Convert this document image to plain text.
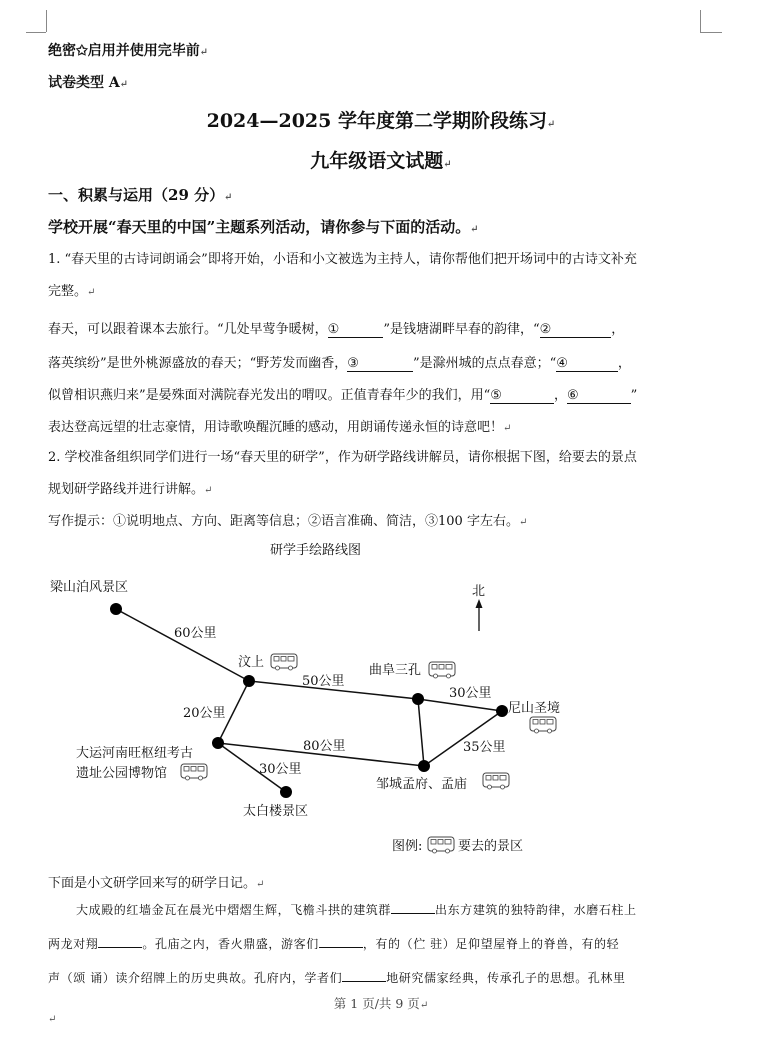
绝密✩启用并使用完毕前↵
试卷类型 A↵
2024—2025 学年度第二学期阶段练习↵
九年级语文试题↵
一、积累与运用（29 分）↵
学校开展“春天里的中国”主题系列活动，请你参与下面的活动。↵
1. “春天里的古诗词朗诵会”即将开始，小语和小文被选为主持人，请你帮他们把开场词中的古诗文补充
完整。↵
春天，可以跟着课本去旅行。“几处早莺争暖树，①	”是钱塘湖畔早春的韵律，“②	，
落英缤纷”是世外桃源盛放的春天；“野芳发而幽香，③	”是滁州城的点点春意；“④	，
似曾相识燕归来”是晏殊面对满院春光发出的喟叹。正值青春年少的我们，用“⑤	，⑥	”
表达登高远望的壮志豪情，用诗歌唤醒沉睡的感动，用朗诵传递永恒的诗意吧！↵
2. 学校准备组织同学们进行一场“春天里的研学”，作为研学路线讲解员，请你根据下图，给要去的景点
规划研学路线并进行讲解。↵
写作提示：①说明地点、方向、距离等信息；②语言准确、简洁，③100 字左右。↵
研学手绘路线图
北
梁山泊风景区
汶上
曲阜三孔
尼山圣境
大运河南旺枢纽考古
遗址公园博物馆
太白楼景区
邹城孟府、孟庙
60公里
50公里
30公里
20公里
80公里	35公里
30公里
图例:	要去的景区
下面是小文研学回来写的研学日记。↵
大成殿的红墙金瓦在晨光中熠熠生辉，飞檐斗拱的建筑群	出东方建筑的独特韵律，水磨石柱上
两龙对翔	。孔庙之内，香火鼎盛，游客们	，有的（伫 驻）足仰望屋脊上的脊兽，有的轻
声（颂 诵）读介绍牌上的历史典故。孔府内，学者们	地研究儒家经典，传承孔子的思想。孔林里
第 1 页/共 9 页↵
↵
